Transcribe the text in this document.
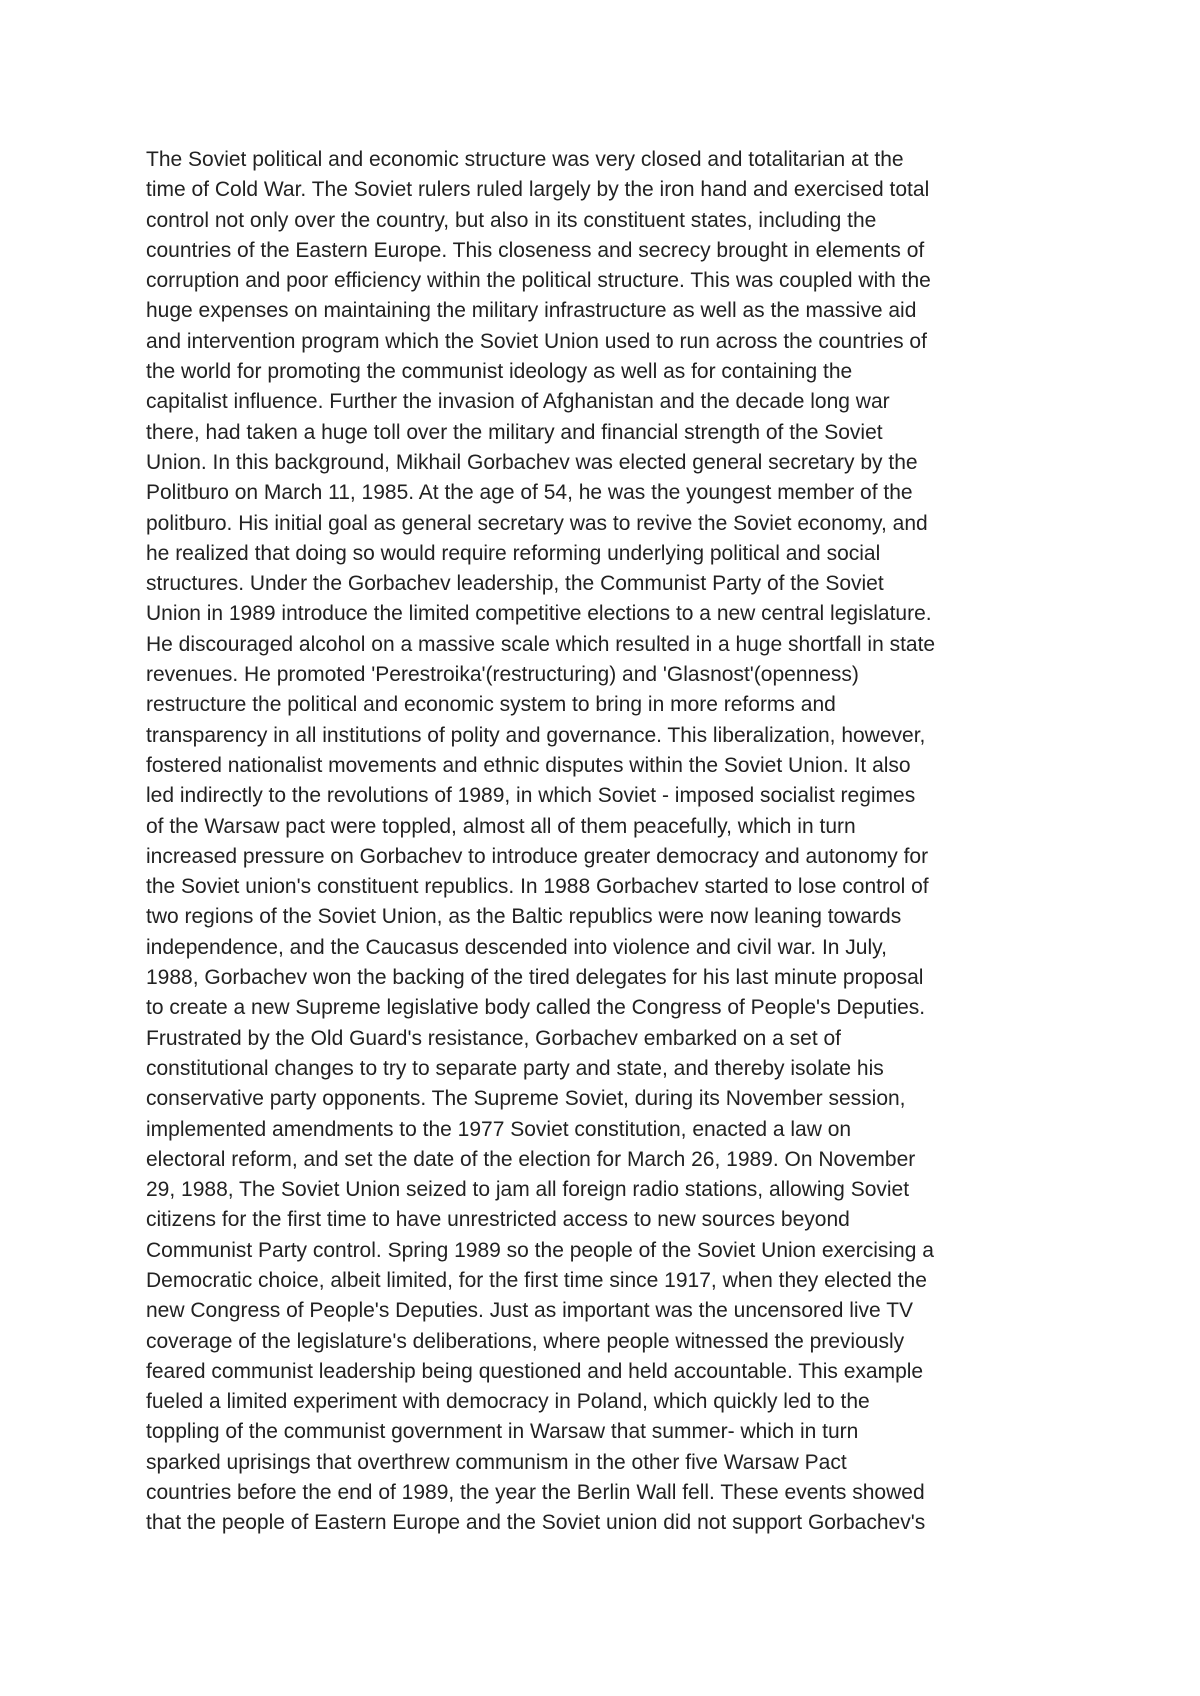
The Soviet political and economic structure was very closed and totalitarian at the
time of Cold War. The Soviet rulers ruled largely by the iron hand and exercised total
control not only over the country, but also in its constituent states, including the
countries of the Eastern Europe. This closeness and secrecy brought in elements of
corruption and poor efficiency within the political structure. This was coupled with the
huge expenses on maintaining the military infrastructure as well as the massive aid
and intervention program which the Soviet Union used to run across the countries of
the world for promoting the communist ideology as well as for containing the
capitalist influence. Further the invasion of Afghanistan and the decade long war
there, had taken a huge toll over the military and financial strength of the Soviet
Union. In this background, Mikhail Gorbachev was elected general secretary by the
Politburo on March 11, 1985. At the age of 54, he was the youngest member of the
politburo. His initial goal as general secretary was to revive the Soviet economy, and
he realized that doing so would require reforming underlying political and social
structures. Under the Gorbachev leadership, the Communist Party of the Soviet
Union in 1989 introduce the limited competitive elections to a new central legislature.
He discouraged alcohol on a massive scale which resulted in a huge shortfall in state
revenues. He promoted 'Perestroika'(restructuring) and 'Glasnost'(openness)
restructure the political and economic system to bring in more reforms and
transparency in all institutions of polity and governance. This liberalization, however,
fostered nationalist movements and ethnic disputes within the Soviet Union. It also
led indirectly to the revolutions of 1989, in which Soviet - imposed socialist regimes
of the Warsaw pact were toppled, almost all of them peacefully, which in turn
increased pressure on Gorbachev to introduce greater democracy and autonomy for
the Soviet union's constituent republics. In 1988 Gorbachev started to lose control of
two regions of the Soviet Union, as the Baltic republics were now leaning towards
independence, and the Caucasus descended into violence and civil war. In July,
1988, Gorbachev won the backing of the tired delegates for his last minute proposal
to create a new Supreme legislative body called the Congress of People's Deputies.
Frustrated by the Old Guard's resistance, Gorbachev embarked on a set of
constitutional changes to try to separate party and state, and thereby isolate his
conservative party opponents. The Supreme Soviet, during its November session,
implemented amendments to the 1977 Soviet constitution, enacted a law on
electoral reform, and set the date of the election for March 26, 1989. On November
29, 1988, The Soviet Union seized to jam all foreign radio stations, allowing Soviet
citizens for the first time to have unrestricted access to new sources beyond
Communist Party control. Spring 1989 so the people of the Soviet Union exercising a
Democratic choice, albeit limited, for the first time since 1917, when they elected the
new Congress of People's Deputies. Just as important was the uncensored live TV
coverage of the legislature's deliberations, where people witnessed the previously
feared communist leadership being questioned and held accountable. This example
fueled a limited experiment with democracy in Poland, which quickly led to the
toppling of the communist government in Warsaw that summer- which in turn
sparked uprisings that overthrew communism in the other five Warsaw Pact
countries before the end of 1989, the year the Berlin Wall fell. These events showed
that the people of Eastern Europe and the Soviet union did not support Gorbachev's
